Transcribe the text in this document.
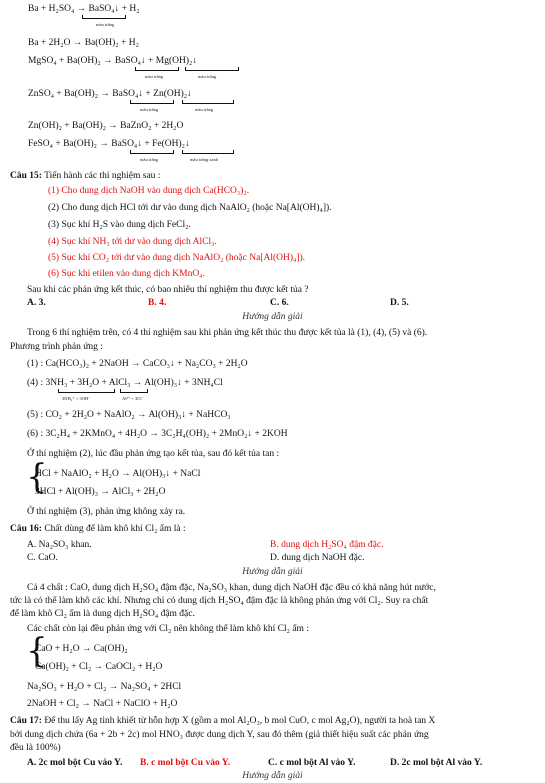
Ba + H₂SO₄ → BaSO₄↓ + H₂
màu trắng
Ba + 2H₂O → Ba(OH)₂ + H₂
MgSO₄ + Ba(OH)₂ → BaSO₄↓ + Mg(OH)₂↓
màu trắng	màu trắng
ZnSO₄ + Ba(OH)₂ → BaSO₄↓ + Zn(OH)₂↓
màu trắng	màu trắng
Zn(OH)₂ + Ba(OH)₂ → BaZnO₂ + 2H₂O
FeSO₄ + Ba(OH)₂ → BaSO₄↓ + Fe(OH)₂↓
màu trắng	màu trắng xanh
Câu 15: Tiến hành các thí nghiệm sau :
(1) Cho dung dịch NaOH vào dung dịch Ca(HCO₃)₂.
(2) Cho dung dịch HCl tới dư vào dung dịch NaAlO₂ (hoặc Na[Al(OH)₄]).
(3) Sục khí H₂S vào dung dịch FeCl₂.
(4) Sục khí NH₃ tới dư vào dung dịch AlCl₃.
(5) Sục khí CO₂ tới dư vào dung dịch NaAlO₂ (hoặc Na[Al(OH)₄]).
(6) Sục khí etilen vào dung dịch KMnO₄.
Sau khi các phản ứng kết thúc, có bao nhiêu thí nghiệm thu được kết tủa ?
A. 3.	B. 4.	C. 6.	D. 5.
Hướng dẫn giải
Trong 6 thí nghiệm trên, có 4 thí nghiệm sau khi phản ứng kết thúc thu được kết tủa là (1), (4), (5) và (6).
Phương trình phản ứng :
(1) : Ca(HCO₃)₂ + 2NaOH → CaCO₃↓ + Na₂CO₃ + 2H₂O
(4) : 3NH₃ + 3H₂O + AlCl₃ → Al(OH)₃↓ + 3NH₄Cl
3NH₄⁺ + 3OH⁻	Al³⁺ + 3Cl⁻
(5) : CO₂ + 2H₂O + NaAlO₂ → Al(OH)₃↓ + NaHCO₃
(6) : 3C₂H₄ + 2KMnO₄ + 4H₂O → 3C₂H₄(OH)₂ + 2MnO₂↓ + 2KOH
Ở thí nghiệm (2), lúc đầu phản ứng tạo kết tủa, sau đó kết tủa tan :
{
HCl + NaAlO₂ + H₂O → Al(OH)₃↓ + NaCl
3HCl + Al(OH)₃ → AlCl₃ + 2H₂O
Ở thí nghiệm (3), phản ứng không xảy ra.
Câu 16: Chất dùng để làm khô khí Cl₂ ẩm là :
A. Na₂SO₃ khan.	B. dung dịch H₂SO₄ đậm đặc.
C. CaO.	D. dung dịch NaOH đặc.
Hướng dẫn giải
Cả 4 chất : CaO, dung dịch H₂SO₄ đậm đặc, Na₂SO₃ khan, dung dịch NaOH đặc đều có khả năng hút nước,
tức là có thể làm khô các khí. Nhưng chỉ có dung dịch H₂SO₄ đậm đặc là không phản ứng với Cl₂. Suy ra chất
để làm khô Cl₂ ẩm là dung dịch H₂SO₄ đậm đặc.
Các chất còn lại đều phản ứng với Cl₂ nên không thể làm khô khí Cl₂ ẩm :
{
CaO + H₂O → Ca(OH)₂
Ca(OH)₂ + Cl₂ → CaOCl₂ + H₂O
Na₂SO₃ + H₂O + Cl₂ → Na₂SO₄ + 2HCl
2NaOH + Cl₂ → NaCl + NaClO + H₂O
Câu 17: Để thu lấy Ag tinh khiết từ hỗn hợp X (gồm a mol Al₂O₃, b mol CuO, c mol Ag₂O), người ta hoà tan X
bởi dung dịch chứa (6a + 2b + 2c) mol HNO₃ được dung dịch Y, sau đó thêm (giả thiết hiệu suất các phản ứng
đều là 100%)
A. 2c mol bột Cu vào Y. B. c mol bột Cu vào Y.	C. c mol bột Al vào Y.	D. 2c mol bột Al vào Y.
Hướng dẫn giải
